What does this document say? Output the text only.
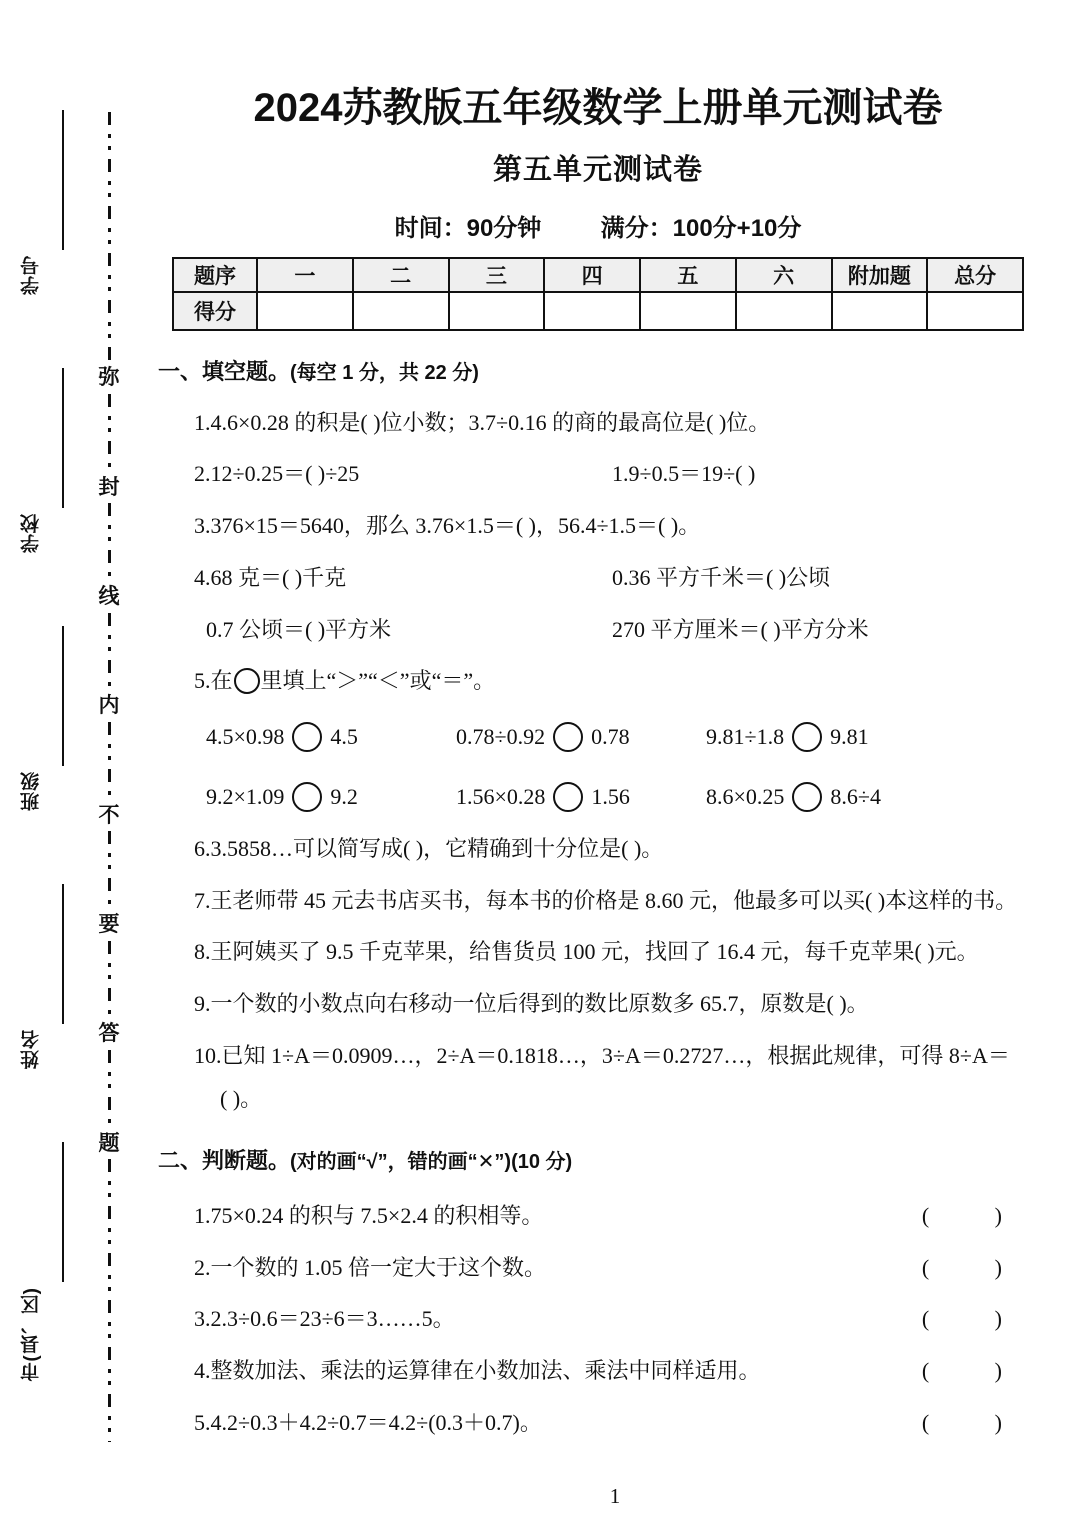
学号
学校
班级
姓名
市(县、区)
弥
封
线
内
不
要
答
题
2024苏教版五年级数学上册单元测试卷
第五单元测试卷
时间：90分钟 满分：100分+10分
题序	一	二	三	四	五	六	附加题	总分
得分								
一、填空题。(每空 1 分，共 22 分)
1.4.6×0.28 的积是( )位小数；3.7÷0.16 的商的最高位是( )位。
2.12÷0.25＝( )÷25	1.9÷0.5＝19÷( )
3.376×15＝5640，那么 3.76×1.5＝( )，56.4÷1.5＝( )。
4.68 克＝( )千克	0.36 平方千米＝( )公顷
0.7 公顷＝( )平方米	270 平方厘米＝( )平方分米
5.在 里填上“＞”“＜”或“＝”。
4.5×0.98 4.5	0.78÷0.92 0.78	9.81÷1.8 9.81
9.2×1.09 9.2	1.56×0.28 1.56	8.6×0.25 8.6÷4
6.3.5858…可以简写成( )，它精确到十分位是( )。
7.王老师带 45 元去书店买书，每本书的价格是 8.60 元，他最多可以买( )本这样的书。
8.王阿姨买了 9.5 千克苹果，给售货员 100 元，找回了 16.4 元，每千克苹果( )元。
9.一个数的小数点向右移动一位后得到的数比原数多 65.7，原数是( )。
10.已知 1÷A＝0.0909…，2÷A＝0.1818…，3÷A＝0.2727…，根据此规律，可得 8÷A＝
( )。
二、判断题。(对的画“√”，错的画“✕”)(10 分)
1.75×0.24 的积与 7.5×2.4 的积相等。	( )
2.一个数的 1.05 倍一定大于这个数。	( )
3.2.3÷0.6＝23÷6＝3……5。	( )
4.整数加法、乘法的运算律在小数加法、乘法中同样适用。	( )
5.4.2÷0.3＋4.2÷0.7＝4.2÷(0.3＋0.7)。	( )
1
